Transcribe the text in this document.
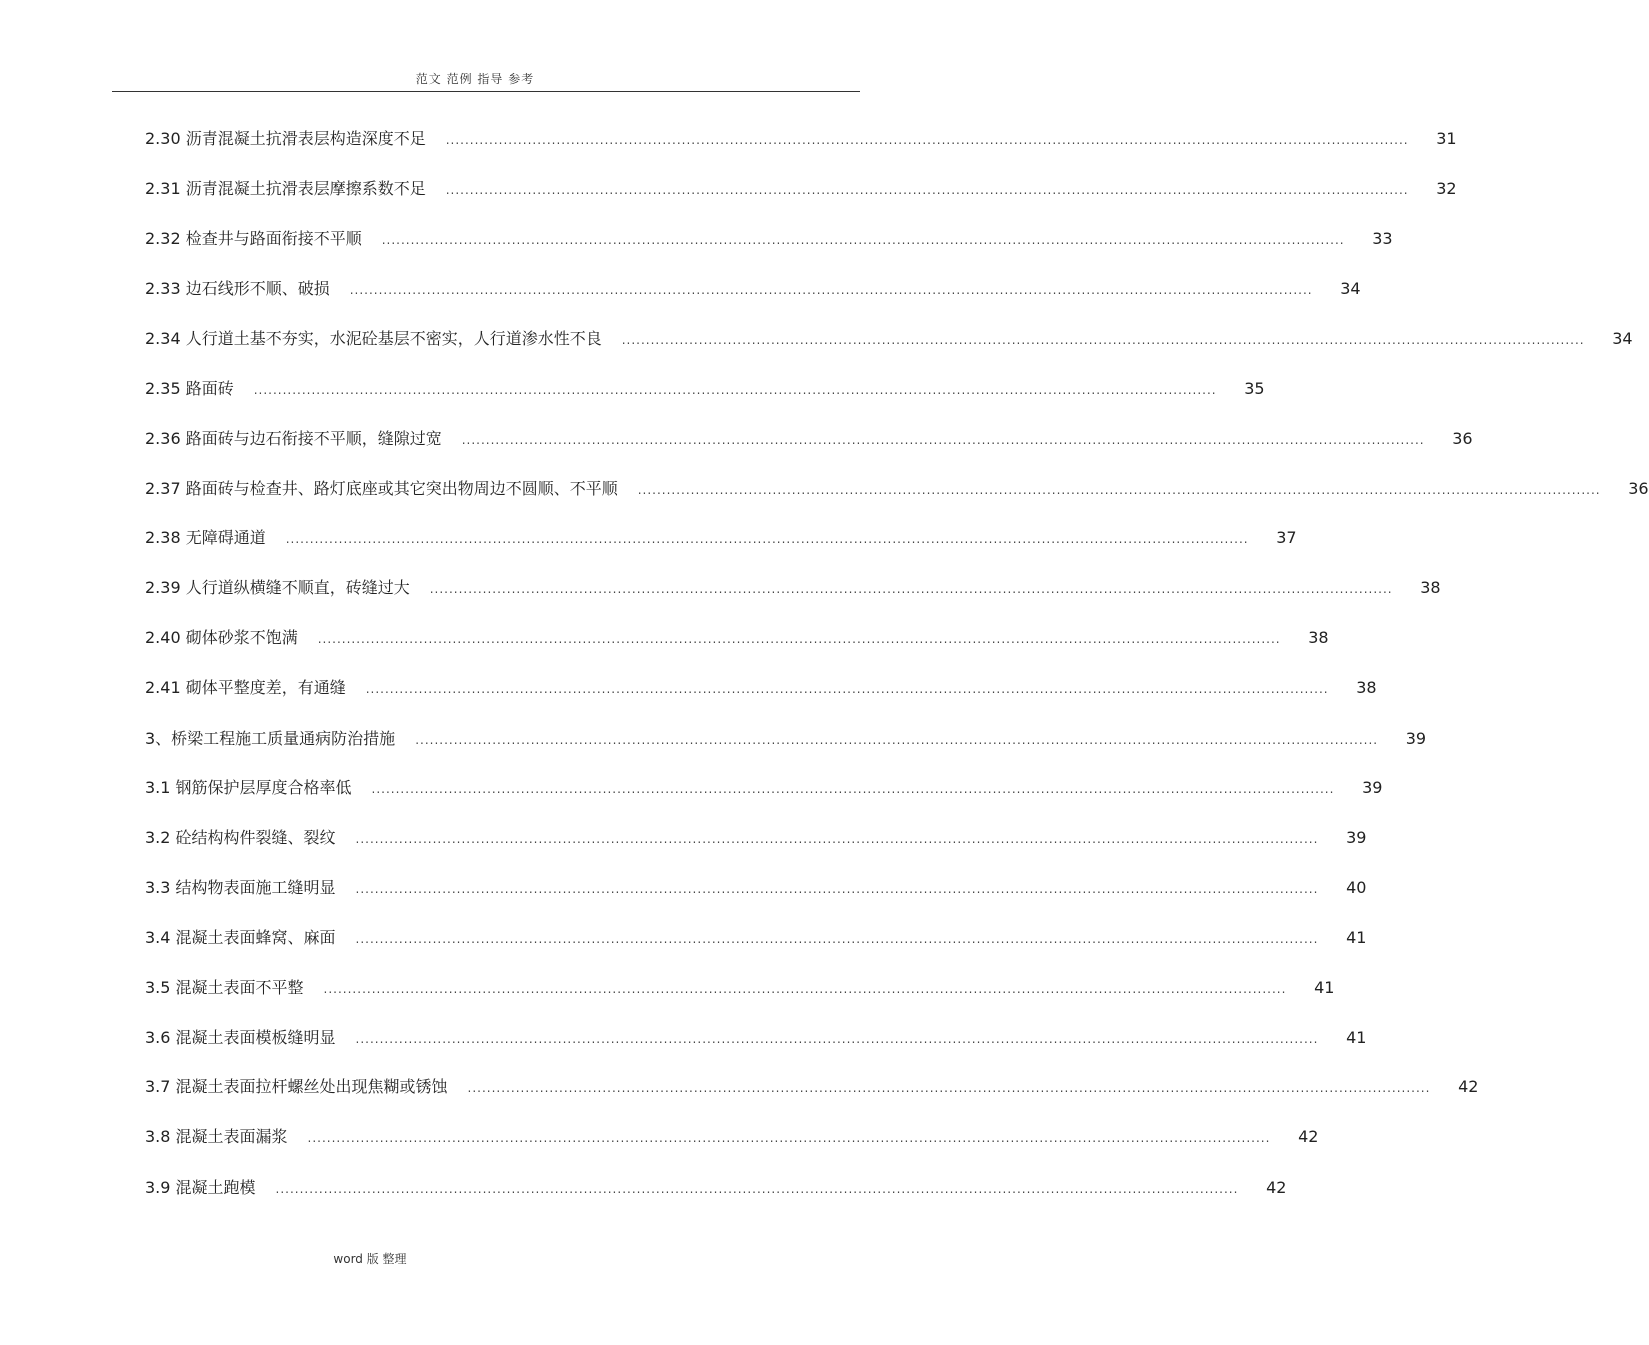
范文 范例 指导 参考
2.30 沥青混凝土抗滑表层构造深度不足 ........................................................................................................................................................................................................ 31
2.31 沥青混凝土抗滑表层摩擦系数不足 ........................................................................................................................................................................................................ 32
2.32 检查井与路面衔接不平顺 ........................................................................................................................................................................................................ 33
2.33 边石线形不顺、破损 ........................................................................................................................................................................................................ 34
2.34 人行道土基不夯实，水泥砼基层不密实，人行道渗水性不良 ........................................................................................................................................................................................................ 34
2.35 路面砖 ........................................................................................................................................................................................................ 35
2.36 路面砖与边石衔接不平顺，缝隙过宽 ........................................................................................................................................................................................................ 36
2.37 路面砖与检查井、路灯底座或其它突出物周边不圆顺、不平顺 ........................................................................................................................................................................................................ 36
2.38 无障碍通道 ........................................................................................................................................................................................................ 37
2.39 人行道纵横缝不顺直，砖缝过大 ........................................................................................................................................................................................................ 38
2.40 砌体砂浆不饱满 ........................................................................................................................................................................................................ 38
2.41 砌体平整度差，有通缝 ........................................................................................................................................................................................................ 38
3、桥梁工程施工质量通病防治措施 ........................................................................................................................................................................................................ 39
3.1 钢筋保护层厚度合格率低 ........................................................................................................................................................................................................ 39
3.2 砼结构构件裂缝、裂纹 ........................................................................................................................................................................................................ 39
3.3 结构物表面施工缝明显 ........................................................................................................................................................................................................ 40
3.4 混凝土表面蜂窝、麻面 ........................................................................................................................................................................................................ 41
3.5 混凝土表面不平整 ........................................................................................................................................................................................................ 41
3.6 混凝土表面模板缝明显 ........................................................................................................................................................................................................ 41
3.7 混凝土表面拉杆螺丝处出现焦糊或锈蚀 ........................................................................................................................................................................................................ 42
3.8 混凝土表面漏浆 ........................................................................................................................................................................................................ 42
3.9 混凝土跑模 ........................................................................................................................................................................................................ 42
word 版 整理
